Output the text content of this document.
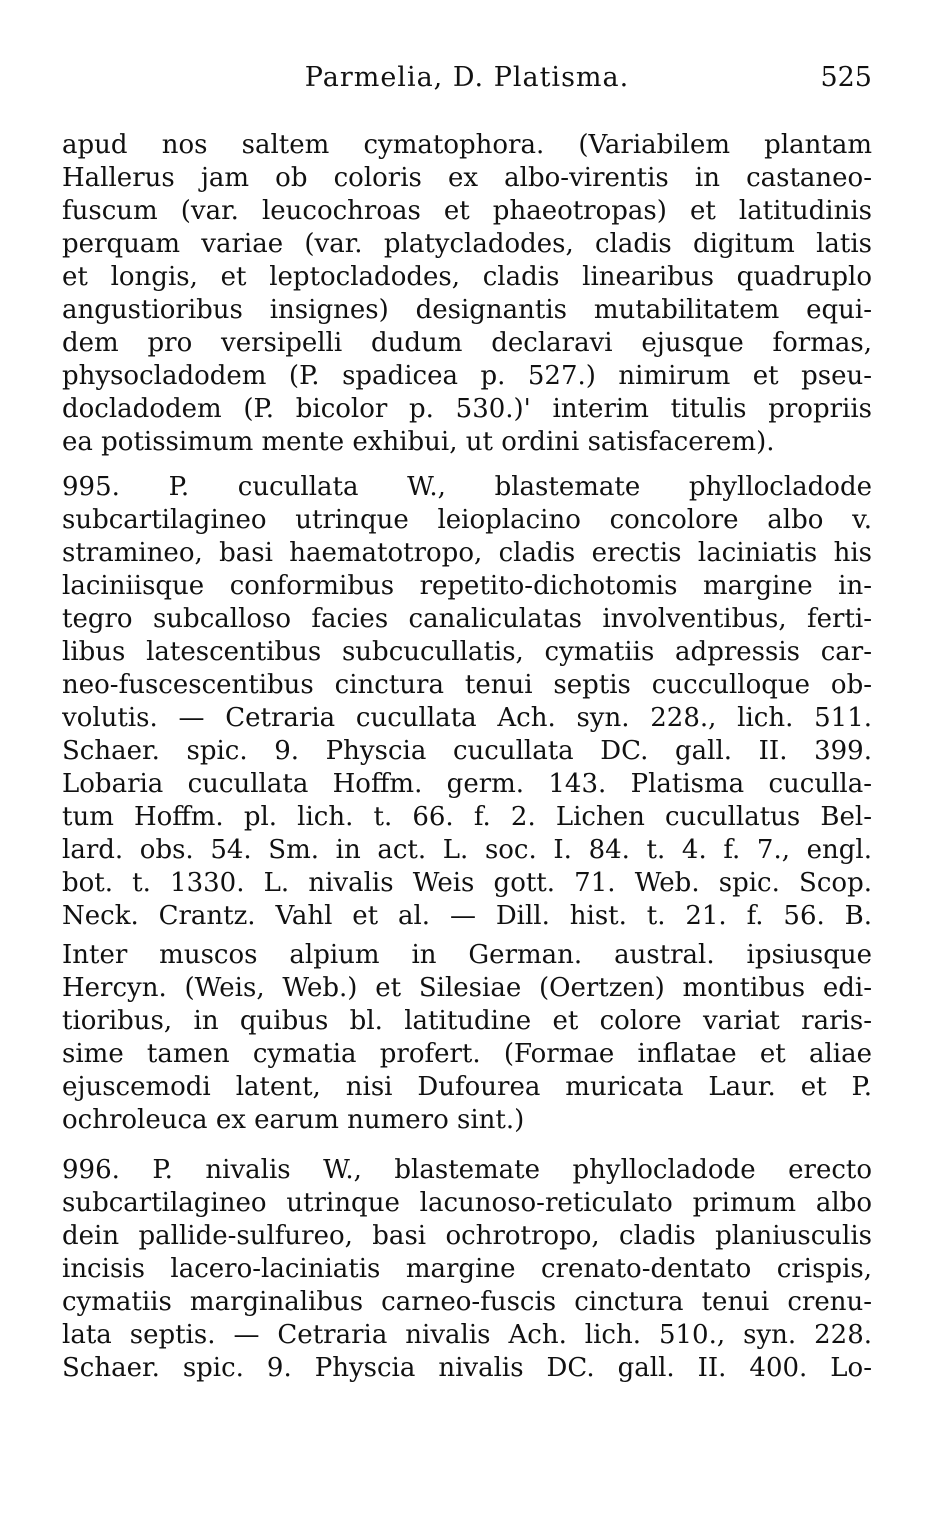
Parmelia, D. Platisma.	525
apud nos saltem cymatophora. (Variabilem plantam
Hallerus jam ob coloris ex albo-virentis in castaneo-
fuscum (var. leucochroas et phaeotropas) et latitudinis
perquam variae (var. platycladodes, cladis digitum latis
et longis, et leptocladodes, cladis linearibus quadruplo
angustioribus insignes) designantis mutabilitatem equi-
dem pro versipelli dudum declaravi ejusque formas,
physocladodem (P. spadicea p. 527.) nimirum et pseu-
docladodem (P. bicolor p. 530.)' interim titulis propriis
ea potissimum mente exhibui, ut ordini satisfacerem).
995. P. cucullata W., blastemate phyllocladode
subcartilagineo utrinque leioplacino concolore albo v.
stramineo, basi haematotropo, cladis erectis laciniatis his
laciniisque conformibus repetito-dichotomis margine in-
tegro subcalloso facies canaliculatas involventibus, ferti-
libus latescentibus subcucullatis, cymatiis adpressis car-
neo-fuscescentibus cinctura tenui septis cucculloque ob-
volutis. — Cetraria cucullata Ach. syn. 228., lich. 511.
Schaer. spic. 9. Physcia cucullata DC. gall. II. 399.
Lobaria cucullata Hoffm. germ. 143. Platisma cuculla-
tum Hoffm. pl. lich. t. 66. f. 2. Lichen cucullatus Bel-
lard. obs. 54. Sm. in act. L. soc. I. 84. t. 4. f. 7., engl.
bot. t. 1330. L. nivalis Weis gott. 71. Web. spic. Scop.
Neck. Crantz. Vahl et al. — Dill. hist. t. 21. f. 56. B.
Inter muscos alpium in German. austral. ipsiusque
Hercyn. (Weis, Web.) et Silesiae (Oertzen) montibus edi-
tioribus, in quibus bl. latitudine et colore variat raris-
sime tamen cymatia profert. (Formae inflatae et aliae
ejuscemodi latent, nisi Dufourea muricata Laur. et P.
ochroleuca ex earum numero sint.)
996. P. nivalis W., blastemate phyllocladode erecto
subcartilagineo utrinque lacunoso-reticulato primum albo
dein pallide-sulfureo, basi ochrotropo, cladis planiusculis
incisis lacero-laciniatis margine crenato-dentato crispis,
cymatiis marginalibus carneo-fuscis cinctura tenui crenu-
lata septis. — Cetraria nivalis Ach. lich. 510., syn. 228.
Schaer. spic. 9. Physcia nivalis DC. gall. II. 400. Lo-
